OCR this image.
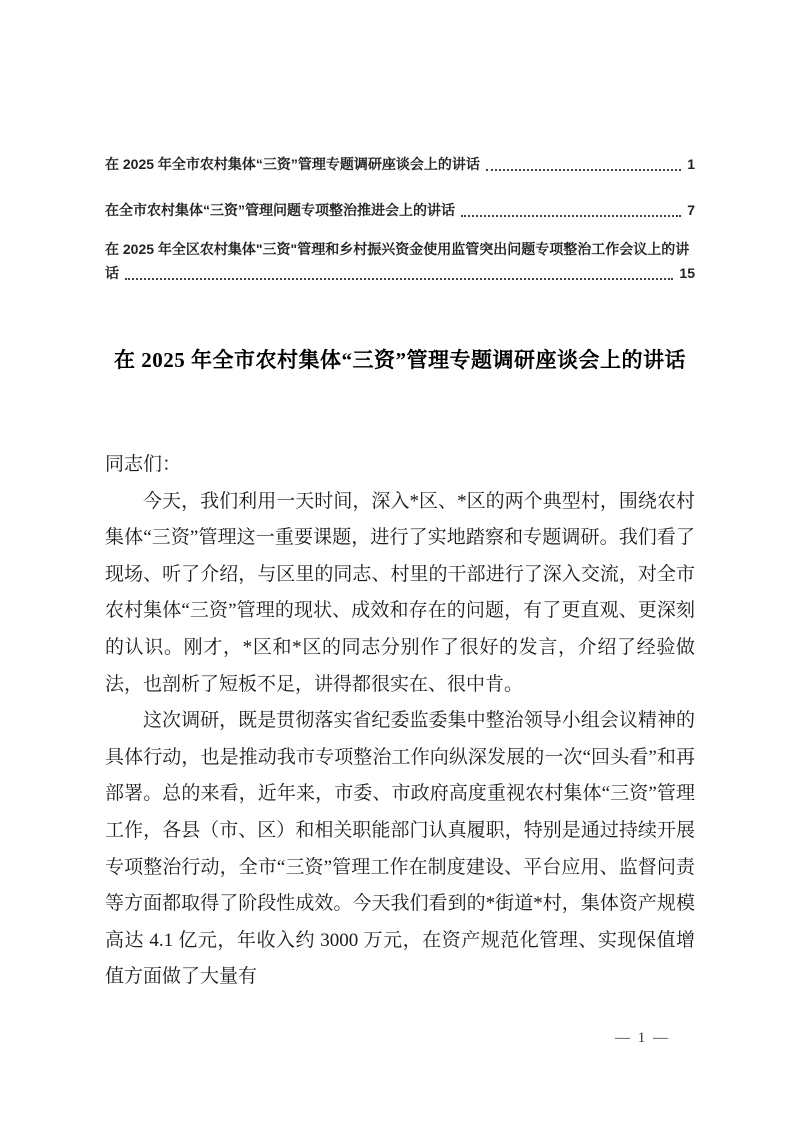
在 2025 年全市农村集体“三资”管理专题调研座谈会上的讲话	1
在全市农村集体“三资”管理问题专项整治推进会上的讲话	7
在 2025 年全区农村集体"三资"管理和乡村振兴资金使用监管突出问题专项整治工作会议上的讲
话	15
在 2025 年全市农村集体“三资”管理专题调研座谈会上的讲话

同志们：

今天，我们利用一天时间，深入*区、*区的两个典型村，围绕农村集体“三资”管理这一重要课题，进行了实地踏察和专题调研。我们看了现场、听了介绍，与区里的同志、村里的干部进行了深入交流，对全市农村集体“三资”管理的现状、成效和存在的问题，有了更直观、更深刻的认识。刚才，*区和*区的同志分别作了很好的发言，介绍了经验做法，也剖析了短板不足，讲得都很实在、很中肯。

这次调研，既是贯彻落实省纪委监委集中整治领导小组会议精神的具体行动，也是推动我市专项整治工作向纵深发展的一次“回头看”和再部署。总的来看，近年来，市委、市政府高度重视农村集体“三资”管理工作，各县（市、区）和相关职能部门认真履职，特别是通过持续开展专项整治行动，全市“三资”管理工作在制度建设、平台应用、监督问责等方面都取得了阶段性成效。今天我们看到的*街道*村，集体资产规模高达 4.1 亿元，年收入约 3000 万元，在资产规范化管理、实现保值增值方面做了大量有

— 1 —
